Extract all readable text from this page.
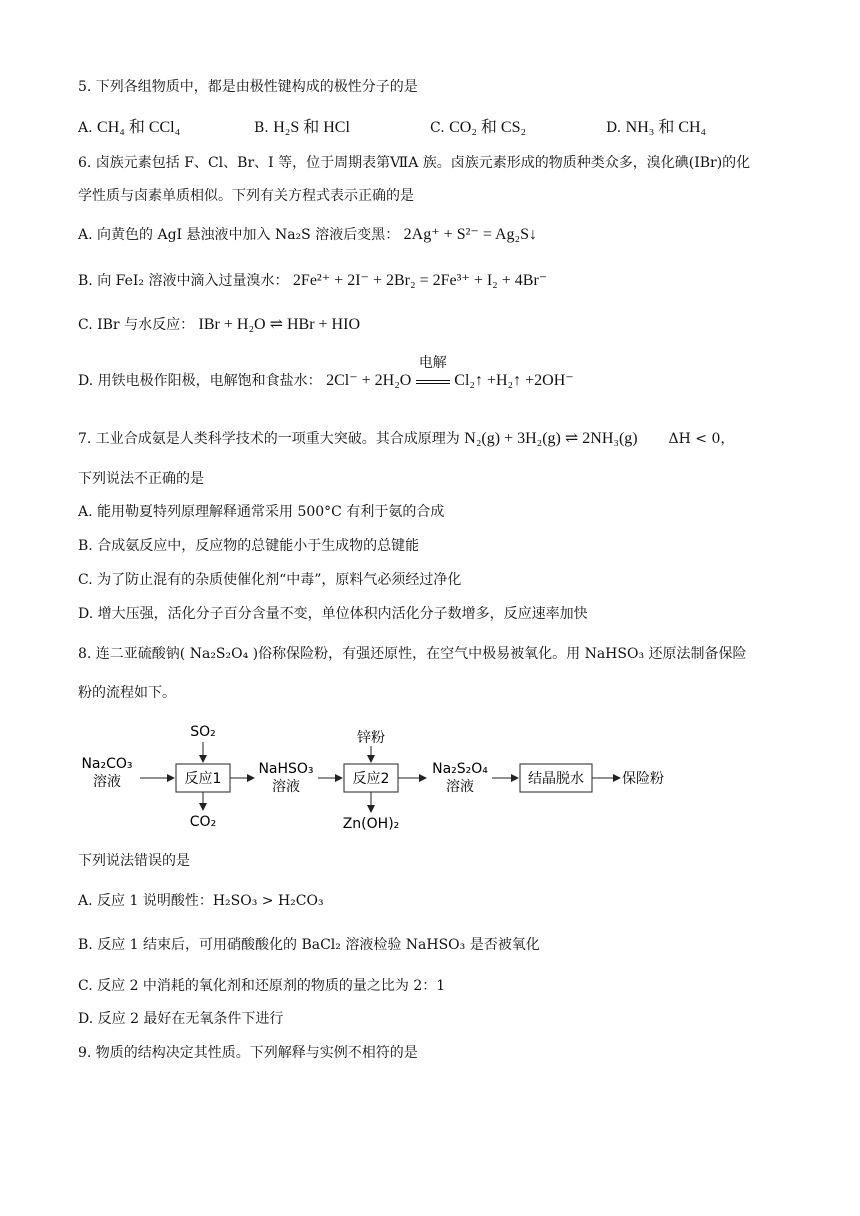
5. 下列各组物质中，都是由极性键构成的极性分子的是
A. CH₄ 和 CCl₄	B. H₂S 和 HCl	C. CO₂ 和 CS₂	D. NH₃ 和 CH₄
6. 卤族元素包括 F、Cl、Br、I 等，位于周期表第ⅦA 族。卤族元素形成的物质种类众多，溴化碘(IBr)的化
学性质与卤素单质相似。下列有关方程式表示正确的是
A. 向黄色的 AgI 悬浊液中加入 Na₂S 溶液后变黑： 2Ag⁺ + S²⁻ = Ag₂S↓
B. 向 FeI₂ 溶液中滴入过量溴水： 2Fe²⁺ + 2I⁻ + 2Br₂ = 2Fe³⁺ + I₂ + 4Br⁻
C. IBr 与水反应： IBr + H₂O ⇌ HBr + HIO
D. 用铁电极作阳极，电解饱和食盐水： 2Cl⁻ + 2H₂O
电解
Cl₂↑ +H₂↑ +2OH⁻
7. 工业合成氨是人类科学技术的一项重大突破。其合成原理为 N₂(g) + 3H₂(g) ⇌ 2NH₃(g) ΔH < 0，
下列说法不正确的是
A. 能用勒夏特列原理解释通常采用 500°C 有利于氨的合成
B. 合成氨反应中，反应物的总键能小于生成物的总键能
C. 为了防止混有的杂质使催化剂“中毒”，原料气必须经过净化
D. 增大压强，活化分子百分含量不变，单位体积内活化分子数增多，反应速率加快
8. 连二亚硫酸钠( Na₂S₂O₄ )俗称保险粉，有强还原性，在空气中极易被氧化。用 NaHSO₃ 还原法制备保险
粉的流程如下。
Na₂CO₃
溶液	反应1
SO₂
CO₂
NaHSO₃
溶液	反应2
锌粉
Zn(OH)₂
Na₂S₂O₄
溶液	结晶脱水	保险粉
下列说法错误的是
A. 反应 1 说明酸性：H₂SO₃ > H₂CO₃
B. 反应 1 结束后，可用硝酸酸化的 BaCl₂ 溶液检验 NaHSO₃ 是否被氧化
C. 反应 2 中消耗的氧化剂和还原剂的物质的量之比为 2：1
D. 反应 2 最好在无氧条件下进行
9. 物质的结构决定其性质。下列解释与实例不相符的是
